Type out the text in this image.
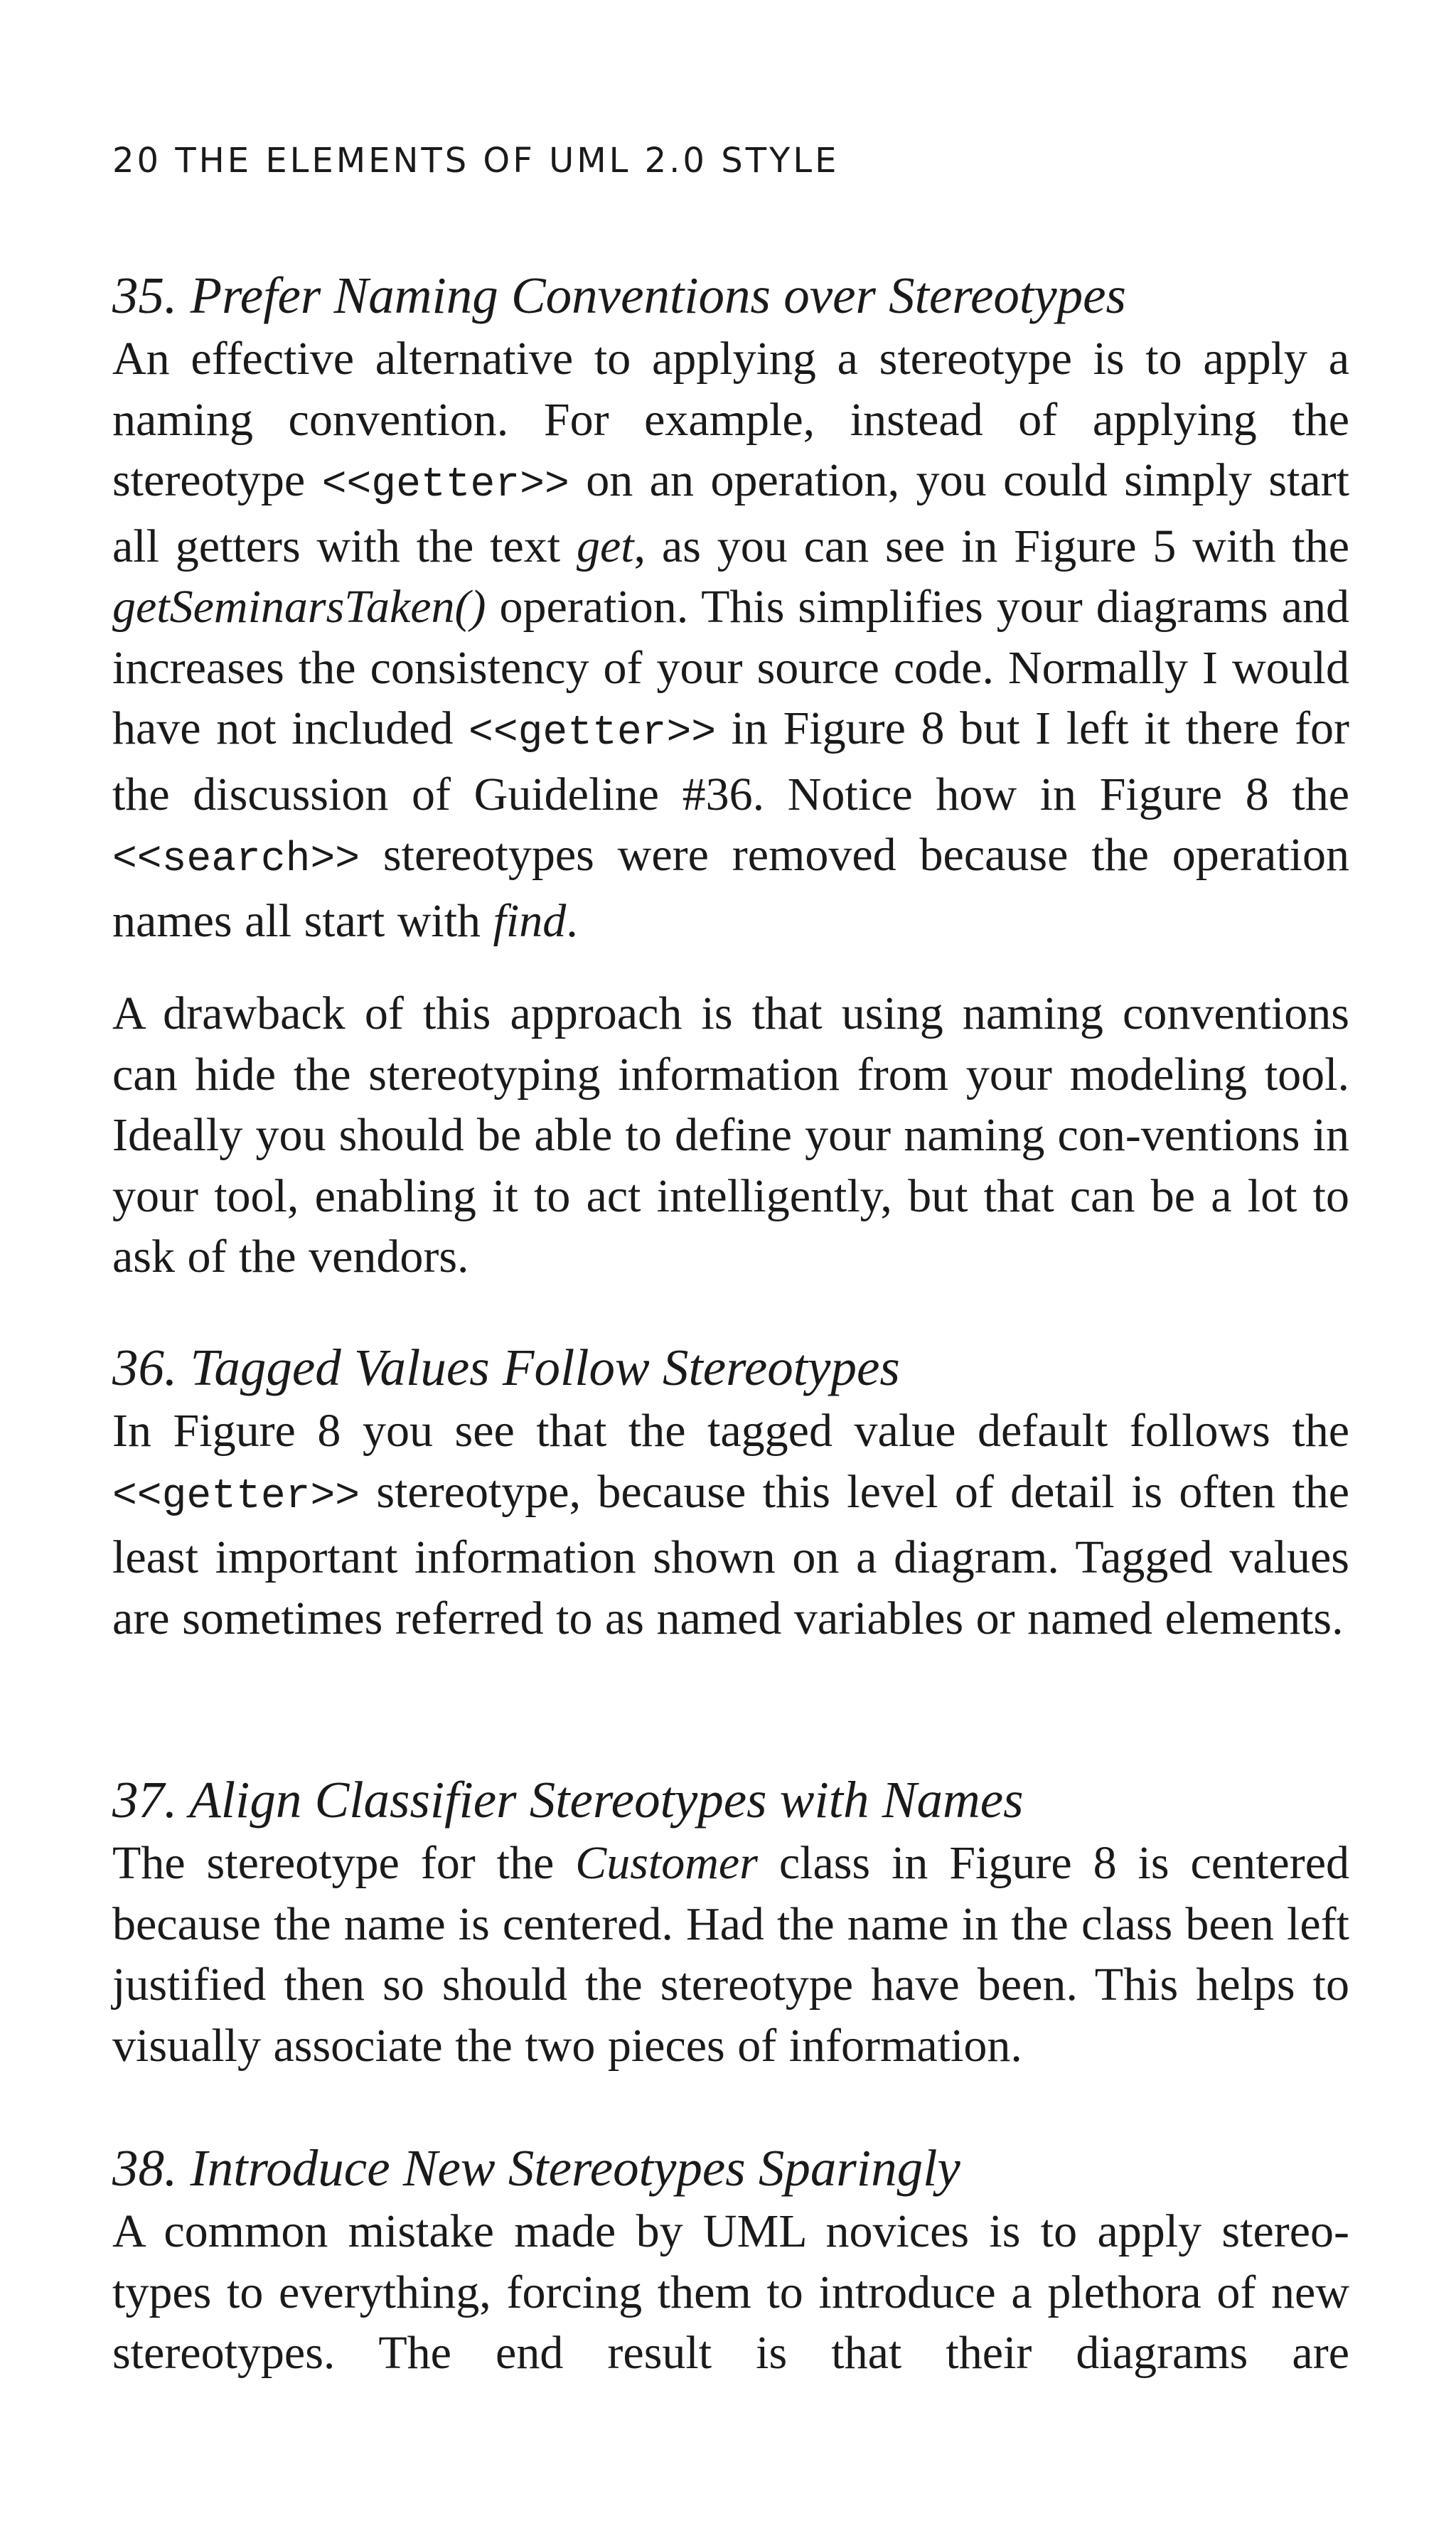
20 THE ELEMENTS OF UML 2.0 STYLE
35. Prefer Naming Conventions over Stereotypes

An effective alternative to applying a stereotype is to apply a naming convention. For example, instead of applying the stereotype <<getter>> on an operation, you could simply start all getters with the text get, as you can see in Figure 5 with the getSeminarsTaken() operation. This simplifies your diagrams and increases the consistency of your source code. Normally I would have not included <<getter>> in Figure 8 but I left it there for the discussion of Guideline #36. Notice how in Figure 8 the <<search>> stereotypes were removed because the operation names all start with find.

A drawback of this approach is that using naming conventions can hide the stereotyping information from your modeling tool. Ideally you should be able to define your naming con-ventions in your tool, enabling it to act intelligently, but that can be a lot to ask of the vendors.

36. Tagged Values Follow Stereotypes

In Figure 8 you see that the tagged value default follows the <<getter>> stereotype, because this level of detail is often the least important information shown on a diagram. Tagged values are sometimes referred to as named variables or named elements.

37. Align Classifier Stereotypes with Names

The stereotype for the Customer class in Figure 8 is centered because the name is centered. Had the name in the class been left justified then so should the stereotype have been. This helps to visually associate the two pieces of information.

38. Introduce New Stereotypes Sparingly

A common mistake made by UML novices is to apply stereo-types to everything, forcing them to introduce a plethora of new stereotypes. The end result is that their diagrams are
